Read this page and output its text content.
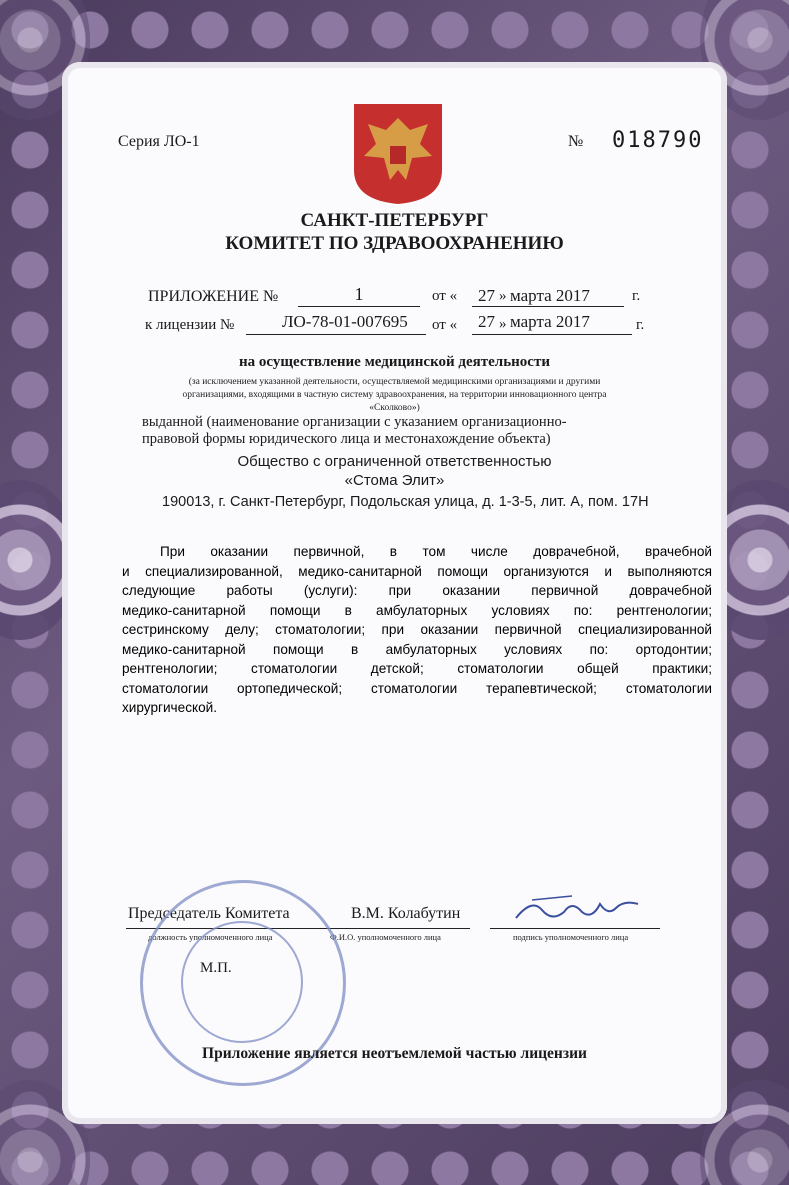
Серия ЛО-1	№ 018790
САНКТ-ПЕТЕРБУРГ
КОМИТЕТ ПО ЗДРАВООХРАНЕНИЮ
ПРИЛОЖЕНИЕ №	1	от « 27 » марта 2017	г.
к лицензии №	ЛО-78-01-007695 от « 27 » марта 2017	г.
на осуществление медицинской деятельности
(за исключением указанной деятельности, осуществляемой медицинскими организациями и другими
организациями, входящими в частную систему здравоохранения, на территории инновационного центра
«Сколково»)
выданной (наименование организации с указанием организационно-
правовой формы юридического лица и местонахождение объекта)
Общество с ограниченной ответственностью
«Стома Элит»
190013, г. Санкт-Петербург, Подольская улица, д. 1-3-5, лит. А, пом. 17Н
При оказании первичной, в том числе доврачебной, врачебной
и специализированной, медико-санитарной помощи организуются и выполняются
следующие работы (услуги): при оказании первичной доврачебной
медико-санитарной помощи в амбулаторных условиях по: рентгенологии;
сестринскому делу; стоматологии; при оказании первичной специализированной
медико-санитарной помощи в амбулаторных условиях по: ортодонтии;
рентгенологии; стоматологии детской; стоматологии общей практики;
стоматологии ортопедической; стоматологии терапевтической; стоматологии
хирургической.
Председатель Комитета	В.М. Колабутин
должность уполномоченного лица	Ф.И.О. уполномоченного лица	подпись уполномоченного лица
М.П.
Приложение является неотъемлемой частью лицензии
